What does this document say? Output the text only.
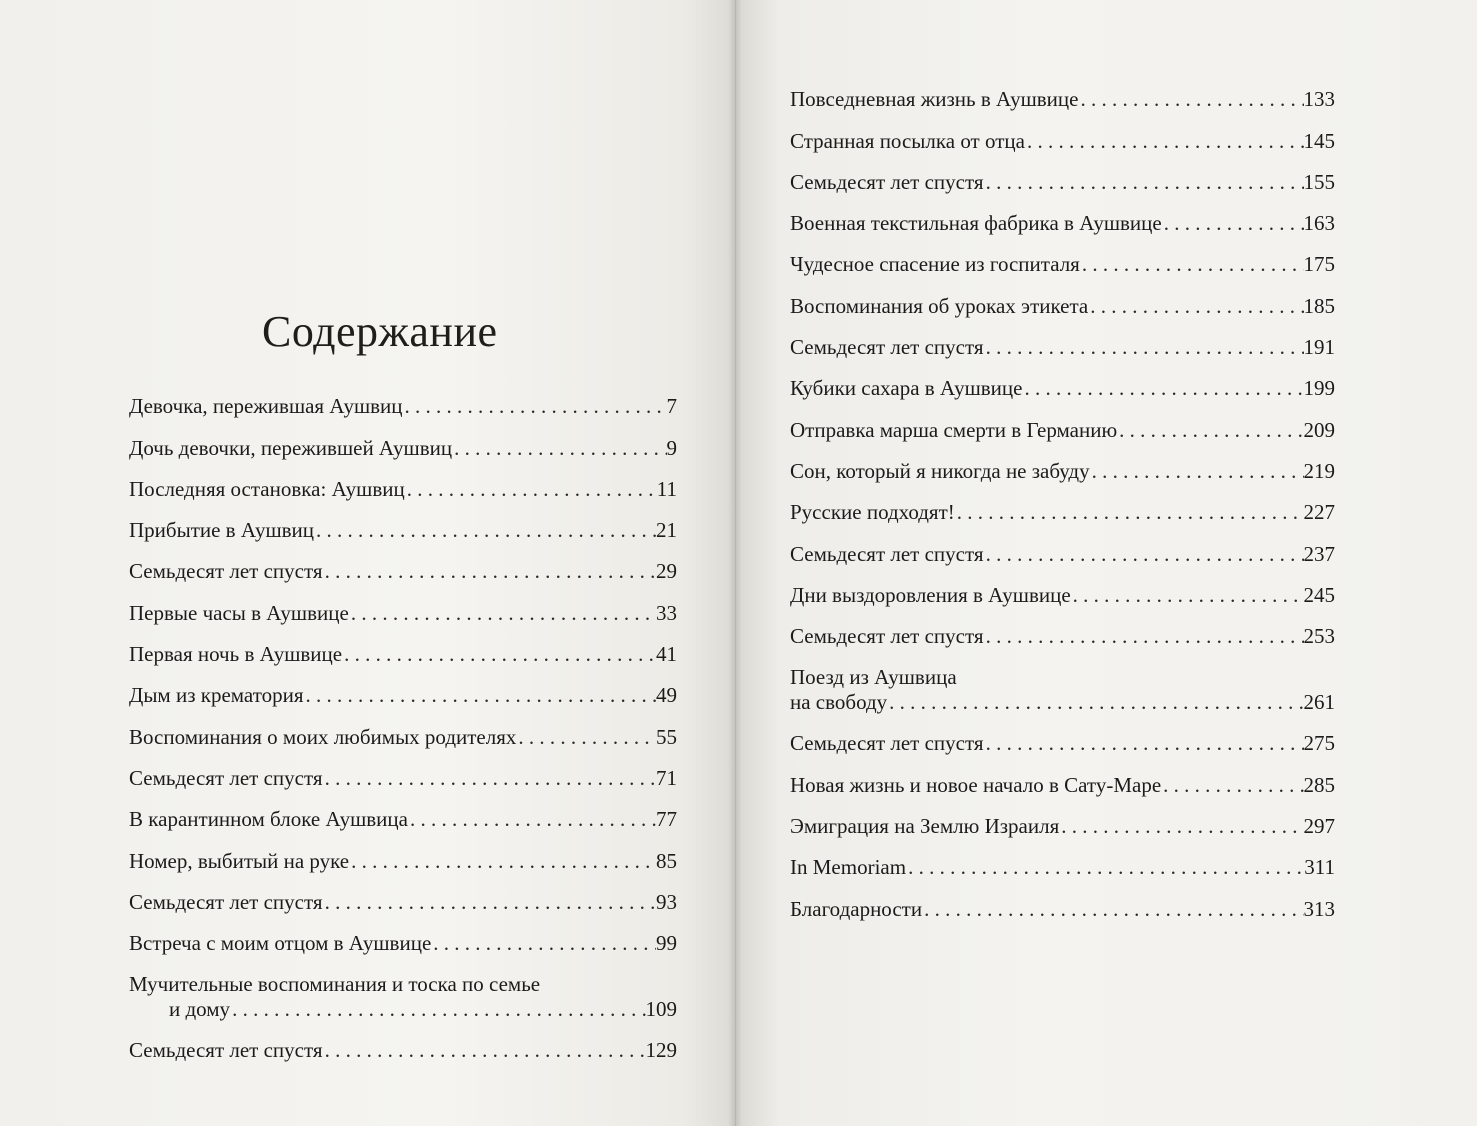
Содержание
Девочка, пережившая Аушвиц . . .	7
Дочь девочки, пережившей Аушвиц . . .	9
Последняя остановка: Аушвиц . . .	11
Прибытие в Аушвиц . . .	21
Семьдесят лет спустя . . .	29
Первые часы в Аушвице . . .	33
Первая ночь в Аушвице . . .	41
Дым из крематория . . .	49
Воспоминания о моих любимых родителях . . .	55
Семьдесят лет спустя . . .	71
В карантинном блоке Аушвица . . .	77
Номер, выбитый на руке . . .	85
Семьдесят лет спустя . . .	93
Встреча с моим отцом в Аушвице . . .	99
Мучительные воспоминания и тоска по семье
и дому . . .	109
Семьдесят лет спустя . . .	129
Повседневная жизнь в Аушвице . . .	133
Странная посылка от отца . . .	145
Семьдесят лет спустя . . .	155
Военная текстильная фабрика в Аушвице . . .	163
Чудесное спасение из госпиталя . . .	175
Воспоминания об уроках этикета . . .	185
Семьдесят лет спустя . . .	191
Кубики сахара в Аушвице . . .	199
Отправка марша смерти в Германию . . .	209
Сон, который я никогда не забуду . . .	219
Русские подходят! . . .	227
Семьдесят лет спустя . . .	237
Дни выздоровления в Аушвице . . .	245
Семьдесят лет спустя . . .	253
Поезд из Аушвица
на свободу . . .	261
Семьдесят лет спустя . . .	275
Новая жизнь и новое начало в Сату-Маре . . .	285
Эмиграция на Землю Израиля . . .	297
In Memoriam . . .	311
Благодарности . . .	313
